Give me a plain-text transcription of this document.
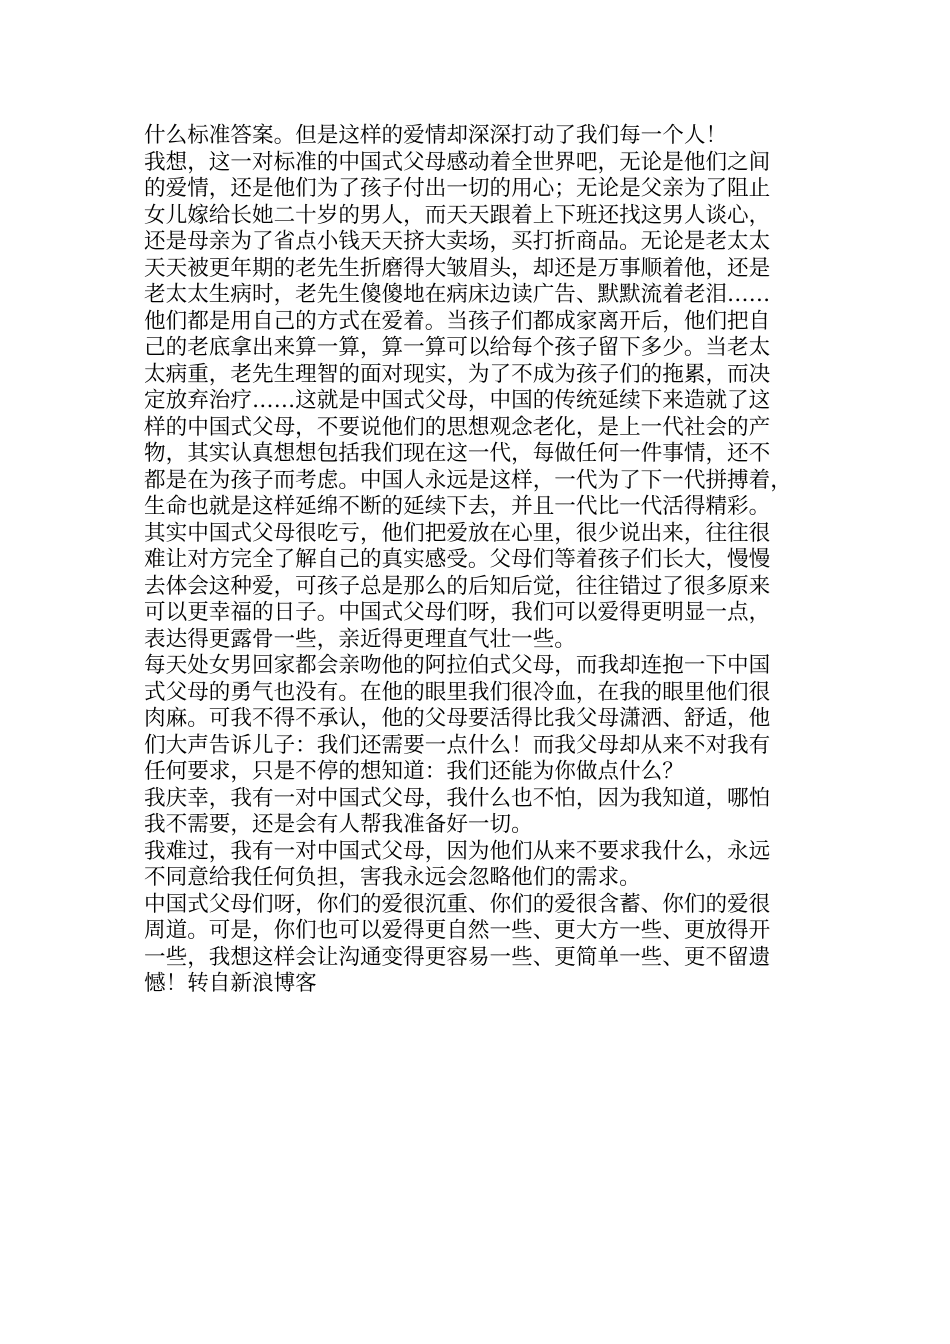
什么标准答案。但是这样的爱情却深深打动了我们每一个人！
我想，这一对标准的中国式父母感动着全世界吧，无论是他们之间
的爱情，还是他们为了孩子付出一切的用心；无论是父亲为了阻止
女儿嫁给长她二十岁的男人，而天天跟着上下班还找这男人谈心，
还是母亲为了省点小钱天天挤大卖场，买打折商品。无论是老太太
天天被更年期的老先生折磨得大皱眉头，却还是万事顺着他，还是
老太太生病时，老先生傻傻地在病床边读广告、默默流着老泪……
他们都是用自己的方式在爱着。当孩子们都成家离开后，他们把自
己的老底拿出来算一算，算一算可以给每个孩子留下多少。当老太
太病重，老先生理智的面对现实，为了不成为孩子们的拖累，而决
定放弃治疗……这就是中国式父母，中国的传统延续下来造就了这
样的中国式父母，不要说他们的思想观念老化，是上一代社会的产
物，其实认真想想包括我们现在这一代，每做任何一件事情，还不
都是在为孩子而考虑。中国人永远是这样，一代为了下一代拼搏着，
生命也就是这样延绵不断的延续下去，并且一代比一代活得精彩。
其实中国式父母很吃亏，他们把爱放在心里，很少说出来，往往很
难让对方完全了解自己的真实感受。父母们等着孩子们长大，慢慢
去体会这种爱，可孩子总是那么的后知后觉，往往错过了很多原来
可以更幸福的日子。中国式父母们呀，我们可以爱得更明显一点，
表达得更露骨一些，亲近得更理直气壮一些。
每天处女男回家都会亲吻他的阿拉伯式父母，而我却连抱一下中国
式父母的勇气也没有。在他的眼里我们很冷血，在我的眼里他们很
肉麻。可我不得不承认，他的父母要活得比我父母潇洒、舒适，他
们大声告诉儿子：我们还需要一点什么！而我父母却从来不对我有
任何要求，只是不停的想知道：我们还能为你做点什么？
我庆幸，我有一对中国式父母，我什么也不怕，因为我知道，哪怕
我不需要，还是会有人帮我准备好一切。
我难过，我有一对中国式父母，因为他们从来不要求我什么，永远
不同意给我任何负担，害我永远会忽略他们的需求。
中国式父母们呀，你们的爱很沉重、你们的爱很含蓄、你们的爱很
周道。可是，你们也可以爱得更自然一些、更大方一些、更放得开
一些，我想这样会让沟通变得更容易一些、更简单一些、更不留遗
憾！转自新浪博客
